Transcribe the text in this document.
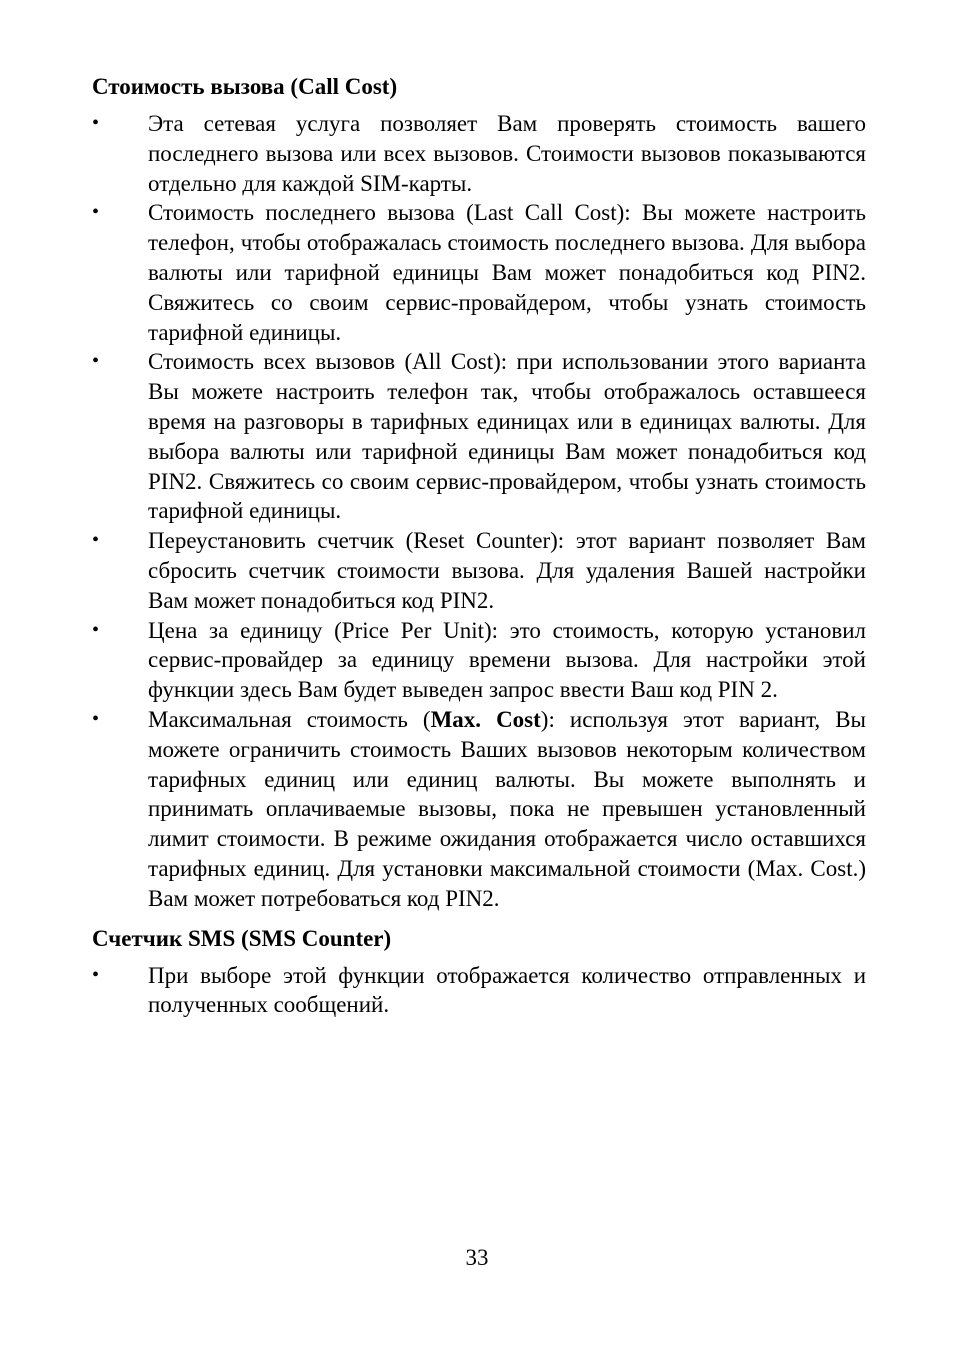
Стоимость вызова (Call Cost)
•	Эта сетевая услуга позволяет Вам проверять стоимость вашего последнего вызова или всех вызовов. Стоимости вызовов показываются отдельно для каждой SIM-карты.
•	Стоимость последнего вызова (Last Call Cost): Вы можете настроить телефон, чтобы отображалась стоимость последнего вызова. Для выбора валюты или тарифной единицы Вам может понадобиться код PIN2. Свяжитесь со своим сервис-провайдером, чтобы узнать стоимость тарифной единицы.
•	Стоимость всех вызовов (All Cost): при использовании этого варианта Вы можете настроить телефон так, чтобы отображалось оставшееся время на разговоры в тарифных единицах или в единицах валюты. Для выбора валюты или тарифной единицы Вам может понадобиться код PIN2. Свяжитесь со своим сервис-провайдером, чтобы узнать стоимость тарифной единицы.
•	Переустановить счетчик (Reset Counter): этот вариант позволяет Вам сбросить счетчик стоимости вызова. Для удаления Вашей настройки Вам может понадобиться код PIN2.
•	Цена за единицу (Price Per Unit): это стоимость, которую установил сервис-провайдер за единицу времени вызова. Для настройки этой функции здесь Вам будет выведен запрос ввести Ваш код PIN 2.
•	Максимальная стоимость (Max. Cost): используя этот вариант, Вы можете ограничить стоимость Ваших вызовов некоторым количеством тарифных единиц или единиц валюты. Вы можете выполнять и принимать оплачиваемые вызовы, пока не превышен установленный лимит стоимости. В режиме ожидания отображается число оставшихся тарифных единиц. Для установки максимальной стоимости (Max. Cost.) Вам может потребоваться код PIN2.
Счетчик SMS (SMS Counter)
•	При выборе этой функции отображается количество отправленных и полученных сообщений.
33
